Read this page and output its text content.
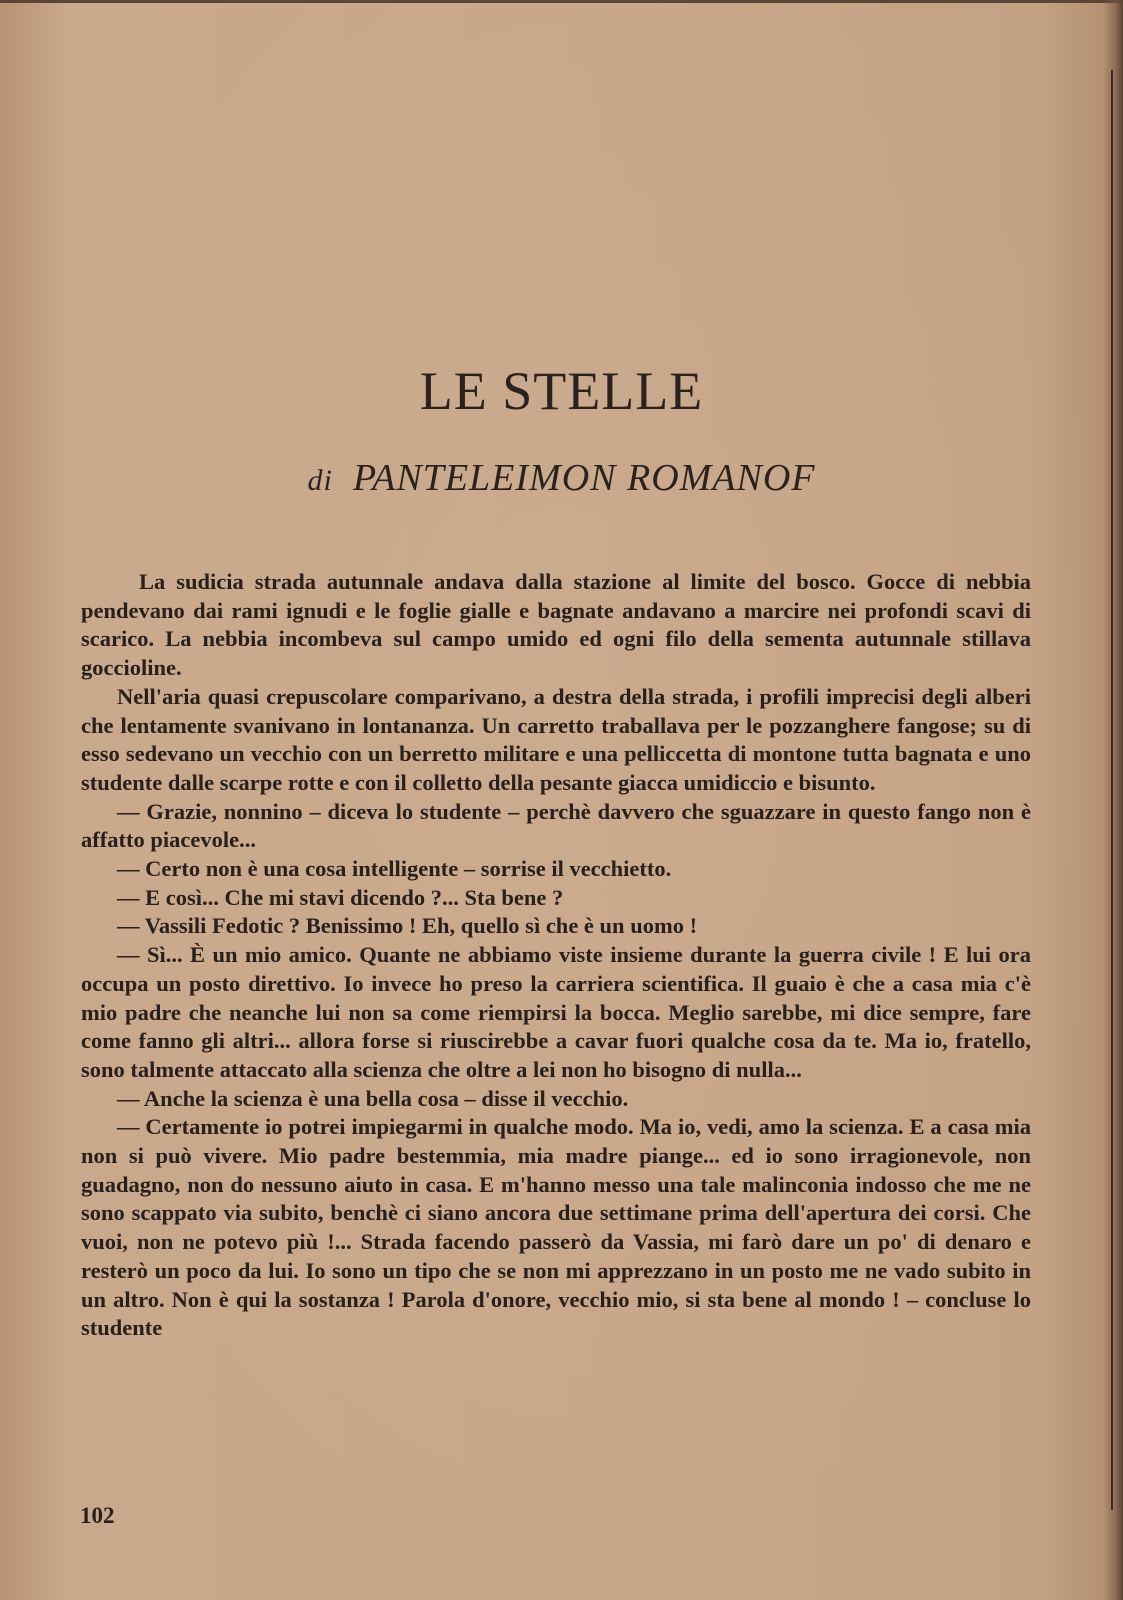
LE STELLE
di PANTELEIMON ROMANOF

La sudicia strada autunnale andava dalla stazione al limite del bosco. Gocce di nebbia pendevano dai rami ignudi e le foglie gialle e bagnate andavano a marcire nei profondi scavi di scarico. La nebbia incombeva sul campo umido ed ogni filo della sementa autunnale stillava goccioline.

Nell'aria quasi crepuscolare comparivano, a destra della strada, i profili imprecisi degli alberi che lentamente svanivano in lontananza. Un carretto traballava per le pozzanghere fangose; su di esso sedevano un vecchio con un berretto militare e una pelliccetta di montone tutta bagnata e uno studente dalle scarpe rotte e con il colletto della pesante giacca umidiccio e bisunto.

— Grazie, nonnino – diceva lo studente – perchè davvero che sguazzare in questo fango non è affatto piacevole...

— Certo non è una cosa intelligente – sorrise il vecchietto.

— E così... Che mi stavi dicendo ?... Sta bene ?

— Vassili Fedotic ? Benissimo ! Eh, quello sì che è un uomo !

— Sì... È un mio amico. Quante ne abbiamo viste insieme durante la guerra civile ! E lui ora occupa un posto direttivo. Io invece ho preso la carriera scientifica. Il guaio è che a casa mia c'è mio padre che neanche lui non sa come riempirsi la bocca. Meglio sarebbe, mi dice sempre, fare come fanno gli altri... allora forse si riuscirebbe a cavar fuori qualche cosa da te. Ma io, fratello, sono talmente attaccato alla scienza che oltre a lei non ho bisogno di nulla...

— Anche la scienza è una bella cosa – disse il vecchio.

— Certamente io potrei impiegarmi in qualche modo. Ma io, vedi, amo la scienza. E a casa mia non si può vivere. Mio padre bestemmia, mia madre piange... ed io sono irragionevole, non guadagno, non do nessuno aiuto in casa. E m'hanno messo una tale malinconia indosso che me ne sono scappato via subito, benchè ci siano ancora due settimane prima dell'apertura dei corsi. Che vuoi, non ne potevo più !... Strada facendo passerò da Vassia, mi farò dare un po' di denaro e resterò un poco da lui. Io sono un tipo che se non mi apprezzano in un posto me ne vado subito in un altro. Non è qui la sostanza ! Parola d'onore, vecchio mio, si sta bene al mondo ! – concluse lo studente

102
